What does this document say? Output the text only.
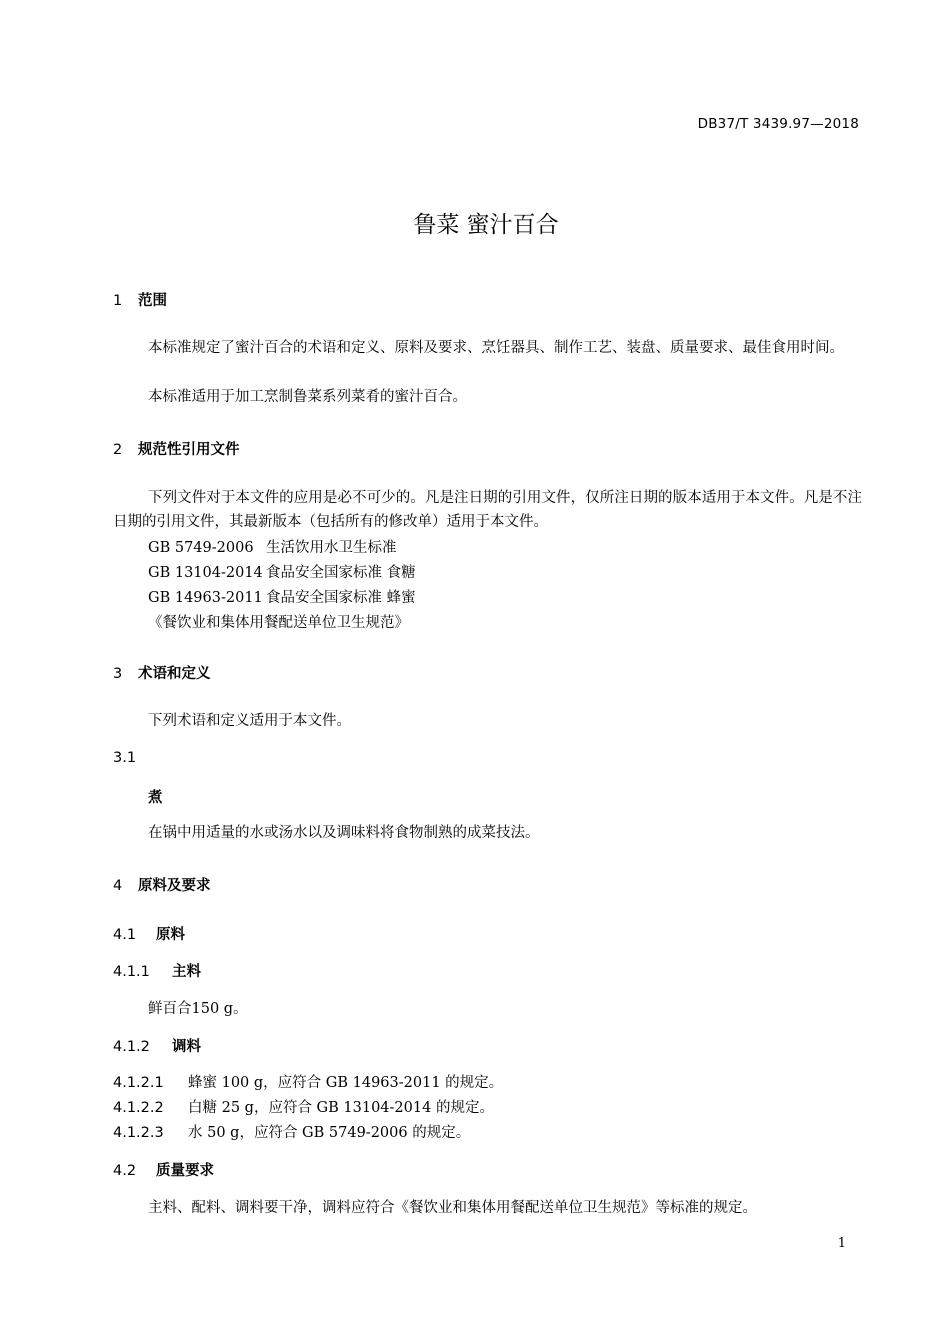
DB37/T 3439.97—2018
鲁菜 蜜汁百合
1 范围
本标准规定了蜜汁百合的术语和定义、原料及要求、烹饪器具、制作工艺、装盘、质量要求、最佳食用时间。
本标准适用于加工烹制鲁菜系列菜肴的蜜汁百合。
2 规范性引用文件
下列文件对于本文件的应用是必不可少的。凡是注日期的引用文件，仅所注日期的版本适用于本文件。凡是不注日期的引用文件，其最新版本（包括所有的修改单）适用于本文件。
GB 5749-2006 生活饮用水卫生标准
GB 13104-2014 食品安全国家标准 食糖
GB 14963-2011 食品安全国家标准 蜂蜜
《餐饮业和集体用餐配送单位卫生规范》
3 术语和定义
下列术语和定义适用于本文件。
3.1
煮
在锅中用适量的水或汤水以及调味料将食物制熟的成菜技法。
4 原料及要求
4.1 原料
4.1.1 主料
鲜百合150 g。
4.1.2 调料
4.1.2.1 蜂蜜 100 g，应符合 GB 14963-2011 的规定。
4.1.2.2 白糖 25 g，应符合 GB 13104-2014 的规定。
4.1.2.3 水 50 g，应符合 GB 5749-2006 的规定。
4.2 质量要求
主料、配料、调料要干净，调料应符合《餐饮业和集体用餐配送单位卫生规范》等标准的规定。
1
